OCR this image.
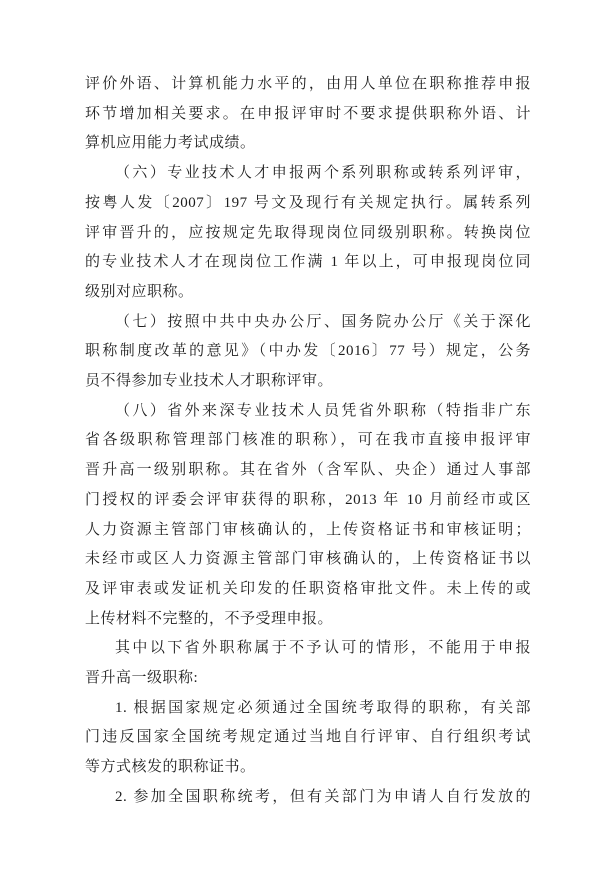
评价外语、计算机能力水平的，由用人单位在职称推荐申报
环节增加相关要求。在申报评审时不要求提供职称外语、计
算机应用能力考试成绩。
（六）专业技术人才申报两个系列职称或转系列评审，
按粤人发〔2007〕197 号文及现行有关规定执行。属转系列
评审晋升的，应按规定先取得现岗位同级别职称。转换岗位
的专业技术人才在现岗位工作满 1 年以上，可申报现岗位同
级别对应职称。
（七）按照中共中央办公厅、国务院办公厅《关于深化
职称制度改革的意见》（中办发〔2016〕77 号）规定，公务
员不得参加专业技术人才职称评审。
（八）省外来深专业技术人员凭省外职称（特指非广东
省各级职称管理部门核准的职称），可在我市直接申报评审
晋升高一级别职称。其在省外（含军队、央企）通过人事部
门授权的评委会评审获得的职称，2013 年 10 月前经市或区
人力资源主管部门审核确认的，上传资格证书和审核证明；
未经市或区人力资源主管部门审核确认的，上传资格证书以
及评审表或发证机关印发的任职资格审批文件。未上传的或
上传材料不完整的，不予受理申报。
其中以下省外职称属于不予认可的情形，不能用于申报
晋升高一级职称:
1. 根据国家规定必须通过全国统考取得的职称，有关部
门违反国家全国统考规定通过当地自行评审、自行组织考试
等方式核发的职称证书。
2. 参加全国职称统考，但有关部门为申请人自行发放的
